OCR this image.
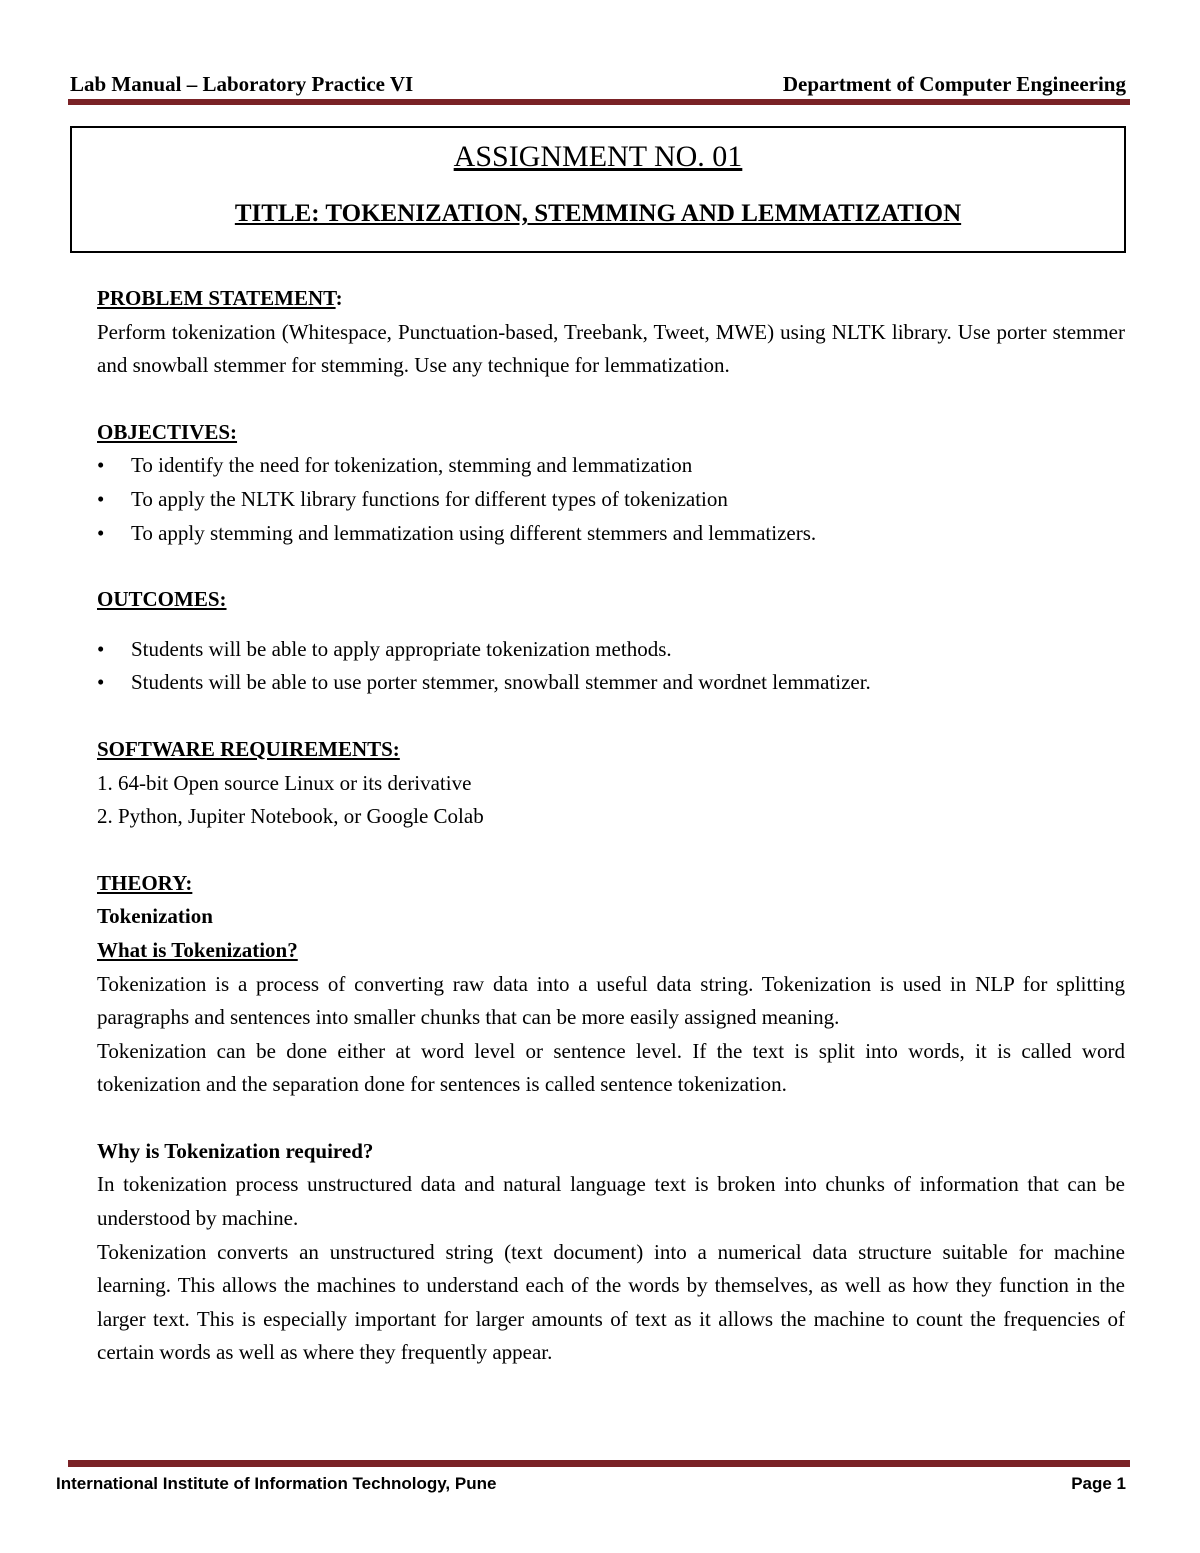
Lab Manual – Laboratory Practice VI	Department of Computer Engineering
ASSIGNMENT NO. 01
TITLE: TOKENIZATION, STEMMING AND LEMMATIZATION
PROBLEM STATEMENT:

Perform tokenization (Whitespace, Punctuation-based, Treebank, Tweet, MWE) using NLTK library. Use porter stemmer and snowball stemmer for stemming. Use any technique for lemmatization.

OBJECTIVES:
• To identify the need for tokenization, stemming and lemmatization
• To apply the NLTK library functions for different types of tokenization
• To apply stemming and lemmatization using different stemmers and lemmatizers.
OUTCOMES:
• Students will be able to apply appropriate tokenization methods.
• Students will be able to use porter stemmer, snowball stemmer and wordnet lemmatizer.
SOFTWARE REQUIREMENTS:
1. 64-bit Open source Linux or its derivative
2. Python, Jupiter Notebook, or Google Colab
THEORY:
Tokenization
What is Tokenization?

Tokenization is a process of converting raw data into a useful data string. Tokenization is used in NLP for splitting paragraphs and sentences into smaller chunks that can be more easily assigned meaning.

Tokenization can be done either at word level or sentence level. If the text is split into words, it is called word tokenization and the separation done for sentences is called sentence tokenization.

Why is Tokenization required?

In tokenization process unstructured data and natural language text is broken into chunks of information that can be understood by machine.

Tokenization converts an unstructured string (text document) into a numerical data structure suitable for machine learning. This allows the machines to understand each of the words by themselves, as well as how they function in the larger text. This is especially important for larger amounts of text as it allows the machine to count the frequencies of certain words as well as where they frequently appear.

International Institute of Information Technology, Pune	Page 1
